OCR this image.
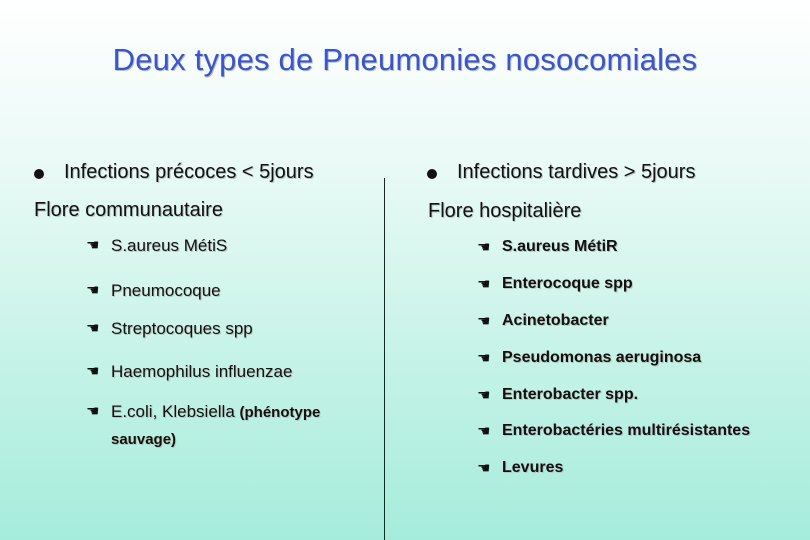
Deux types de Pneumonies nosocomiales
Infections précoces < 5jours
Flore communautaire
☚ S.aureus MétiS
☚ Pneumocoque
☚ Streptocoques spp
☚ Haemophilus influenzae
☚ E.coli, Klebsiella (phénotype
sauvage)
Infections tardives > 5jours
Flore hospitalière
☚ S.aureus MétiR
☚ Enterocoque spp
☚ Acinetobacter
☚ Pseudomonas aeruginosa
☚ Enterobacter spp.
☚ Enterobactéries multirésistantes
☚ Levures
